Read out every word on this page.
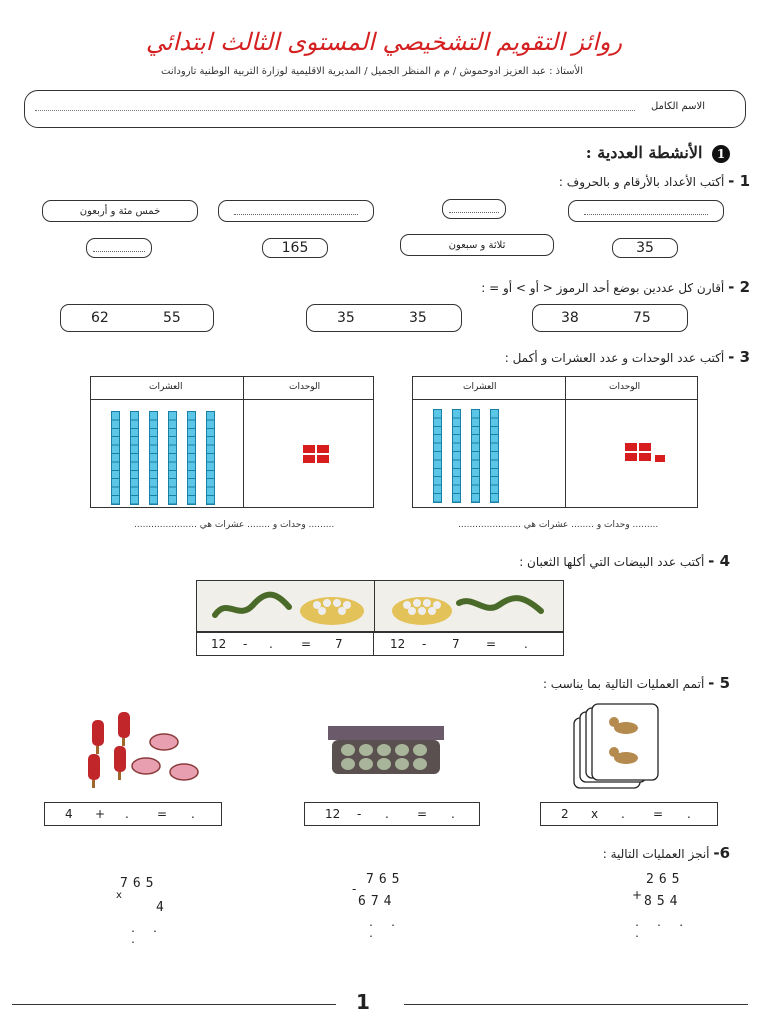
روائز التقويم التشخيصي المستوى الثالث ابتدائي
الأستاذ : عبد العزيز ادوحموش / م م المنظر الجميل / المديرية الاقليمية لوزارة التربية الوطنية تارودانت
الاسم الكامل
1 الأنشطة العددية :
1 - أكتب الأعداد بالأرقام و بالحروف :
خمس مئة و أربعون
165	ثلاثة و سبعون	35
2 - أقارن كل عددين بوضع أحد الرموز < أو > أو = :
62	55	35	35	38	75
3 - أكتب عدد الوحدات و عدد العشرات و أكمل :
العشرات	الوحدات	العشرات	الوحدات
......... وحدات و ........ عشرات هي ......................	......... وحدات و ........ عشرات هي ......................
4 - أكتب عدد البيضات التي أكلها الثعبان :
12 - . = 7	12 - 7 = .
5 - أتمم العمليات التالية بما يناسب :
4 + . = .	12 - . = .	2 x . = .
6- أنجز العمليات التالية :
x
765
4
. . .
-
765
674
. . .
+
265
854
. . . .
1
